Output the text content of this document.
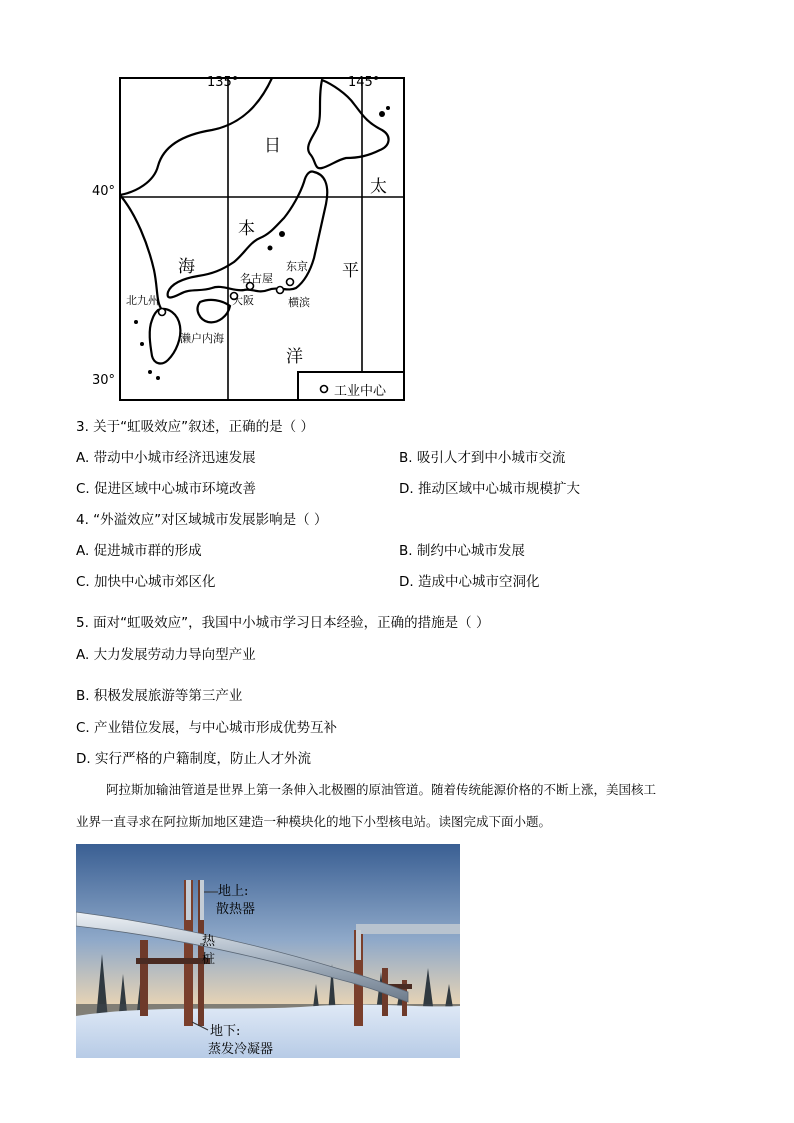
135°	145°
40°
30°
日
本
海
太
平
洋
名古屋
东京
北九州	大阪	横滨
濑户内海
工业中心
3. 关于“虹吸效应”叙述，正确的是（ ）
A. 带动中小城市经济迅速发展	B. 吸引人才到中小城市交流
C. 促进区域中心城市环境改善	D. 推动区域中心城市规模扩大
4. “外溢效应”对区域城市发展影响是（ ）
A. 促进城市群的形成	B. 制约中心城市发展
C. 加快中心城市郊区化	D. 造成中心城市空洞化
5. 面对“虹吸效应”，我国中小城市学习日本经验，正确的措施是（ ）
A. 大力发展劳动力导向型产业
B. 积极发展旅游等第三产业
C. 产业错位发展，与中心城市形成优势互补
D. 实行严格的户籍制度，防止人才外流
阿拉斯加输油管道是世界上第一条伸入北极圈的原油管道。随着传统能源价格的不断上涨，美国核工
业界一直寻求在阿拉斯加地区建造一种模块化的地下小型核电站。读图完成下面小题。
地上:
散热器
热
桩
地下:
蒸发冷凝器
